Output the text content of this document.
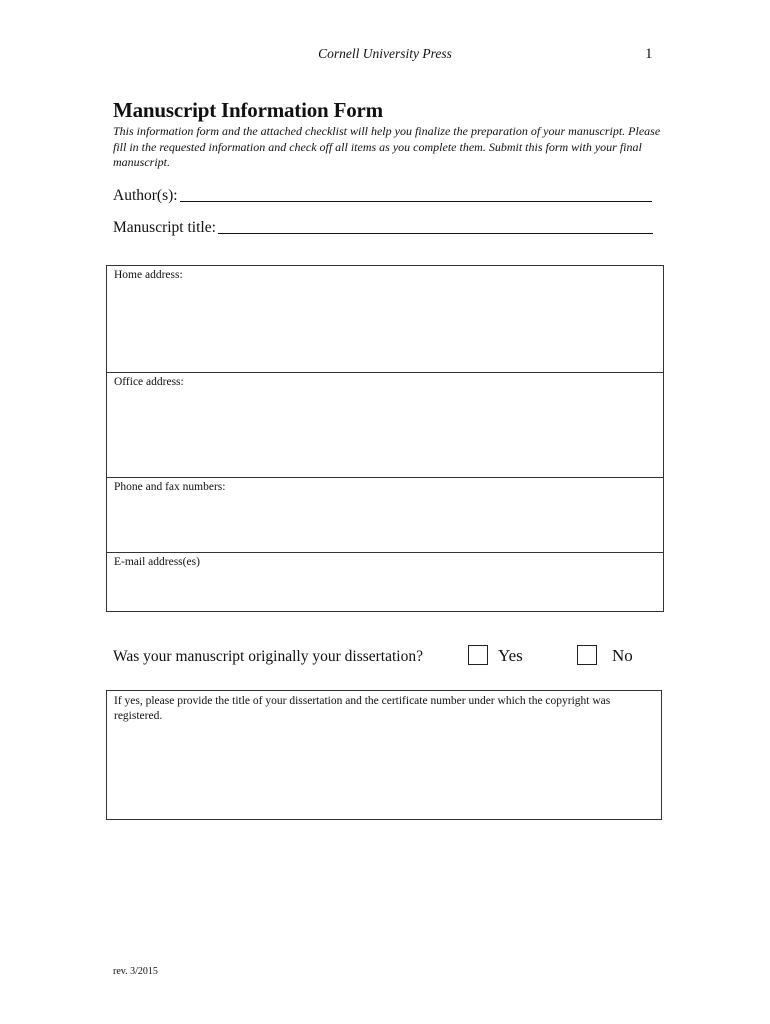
Cornell University Press	1
Manuscript Information Form

This information form and the attached checklist will help you finalize the preparation of your manuscript. Please fill in the requested information and check off all items as you complete them. Submit this form with your final manuscript.

Author(s):
Manuscript title:
Home address:
Office address:
Phone and fax numbers:
E-mail address(es)
Was your manuscript originally your dissertation?	Yes	No
If yes, please provide the title of your dissertation and the certificate number under which the copyright was registered.
rev. 3/2015
